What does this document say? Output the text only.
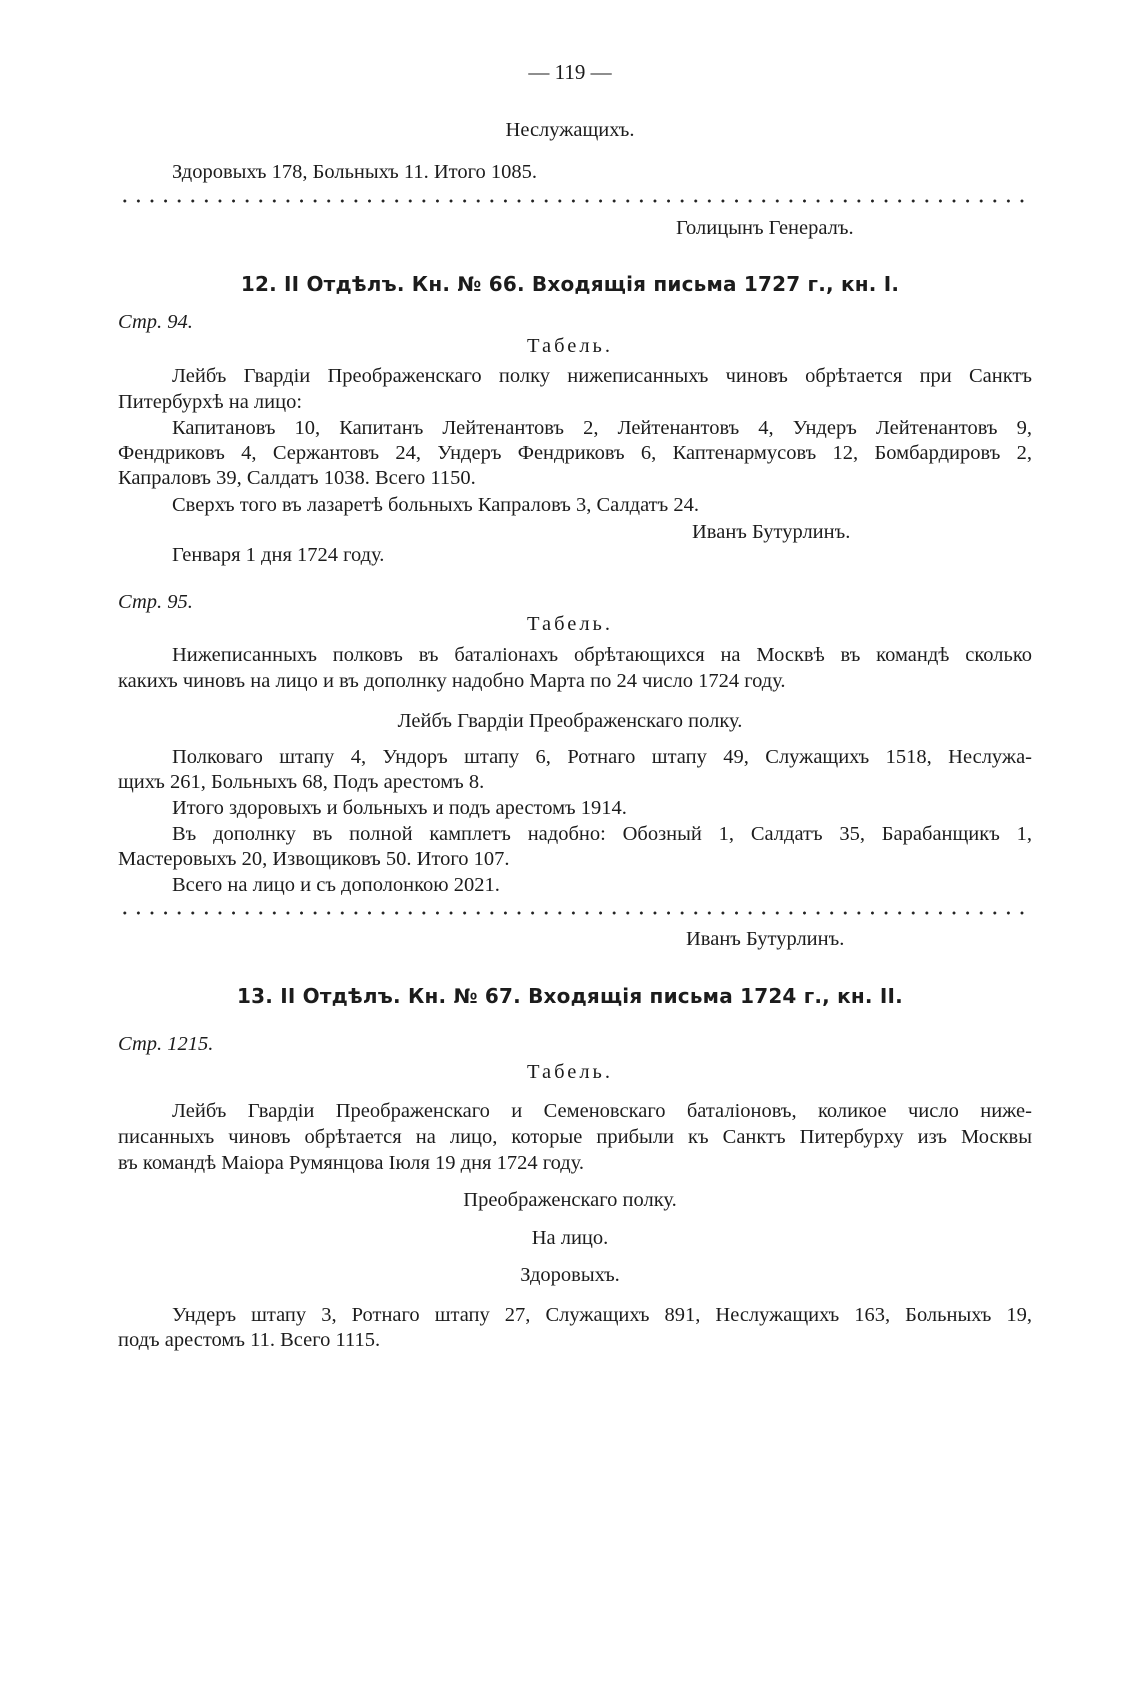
— 119 —
Неслужащихъ.
Здоровыхъ 178, Больныхъ 11. Итого 1085.
Голицынъ Генералъ.
12. II Отдѣлъ. Кн. № 66. Входящія письма 1727 г., кн. I.
Стр. 94.
Табель.
Лейбъ Гвардіи Преображенскаго полку нижеписанныхъ чиновъ обрѣтается при Санктъ
Питербурхѣ на лицо:
Капитановъ 10, Капитанъ Лейтенантовъ 2, Лейтенантовъ 4, Ундеръ Лейтенантовъ 9,
Фендриковъ 4, Сержантовъ 24, Ундеръ Фендриковъ 6, Каптенармусовъ 12, Бомбардировъ 2,
Капраловъ 39, Салдатъ 1038. Всего 1150.
Сверхъ того въ лазаретѣ больныхъ Капраловъ 3, Салдатъ 24.
Иванъ Бутурлинъ.
Генваря 1 дня 1724 году.
Стр. 95.
Табель.
Нижеписанныхъ полковъ въ баталіонахъ обрѣтающихся на Москвѣ въ командѣ сколько
какихъ чиновъ на лицо и въ дополнку надобно Марта по 24 число 1724 году.
Лейбъ Гвардіи Преображенскаго полку.
Полковаго штапу 4, Ундоръ штапу 6, Ротнаго штапу 49, Служащихъ 1518, Неслужа-
щихъ 261, Больныхъ 68, Подъ арестомъ 8.
Итого здоровыхъ и больныхъ и подъ арестомъ 1914.
Въ дополнку въ полной камплетъ надобно: Обозный 1, Салдатъ 35, Барабанщикъ 1,
Мастеровыхъ 20, Извощиковъ 50. Итого 107.
Всего на лицо и съ дополонкою 2021.
Иванъ Бутурлинъ.
13. II Отдѣлъ. Кн. № 67. Входящія письма 1724 г., кн. II.
Стр. 1215.
Табель.
Лейбъ Гвардіи Преображенскаго и Семеновскаго баталіоновъ, коликое число ниже-
писанныхъ чиновъ обрѣтается на лицо, которые прибыли къ Санктъ Питербурху изъ Москвы
въ командѣ Маіора Румянцова Іюля 19 дня 1724 году.
Преображенскаго полку.
На лицо.
Здоровыхъ.
Ундеръ штапу 3, Ротнаго штапу 27, Служащихъ 891, Неслужащихъ 163, Больныхъ 19,
подъ арестомъ 11. Всего 1115.
